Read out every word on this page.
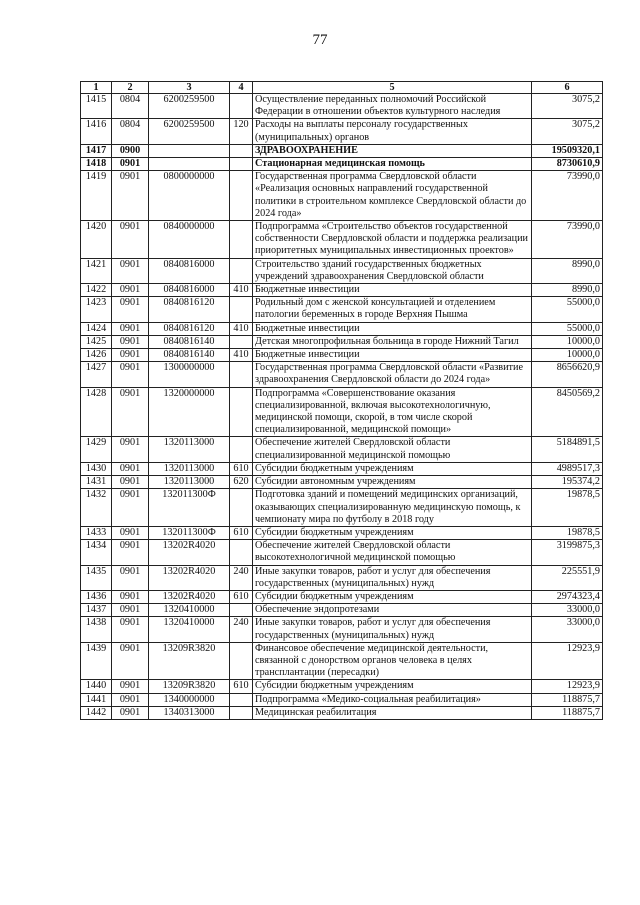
77
1	2	3	4	5	6
1415	0804	6200259500		Осуществление переданных полномочий Российской Федерации в отношении объектов культурного наследия	3075,2
1416	0804	6200259500	120	Расходы на выплаты персоналу государственных (муниципальных) органов	3075,2
1417	0900			ЗДРАВООХРАНЕНИЕ	19509320,1
1418	0901			Стационарная медицинская помощь	8730610,9
1419	0901	0800000000		Государственная программа Свердловской области «Реализация основных направлений государственной политики в строительном комплексе Свердловской области до 2024 года»	73990,0
1420	0901	0840000000		Подпрограмма «Строительство объектов государственной собственности Свердловской области и поддержка реализации приоритетных муниципальных инвестиционных проектов»	73990,0
1421	0901	0840816000		Строительство зданий государственных бюджетных учреждений здравоохранения Свердловской области	8990,0
1422	0901	0840816000	410	Бюджетные инвестиции	8990,0
1423	0901	0840816120		Родильный дом с женской консультацией и отделением патологии беременных в городе Верхняя Пышма	55000,0
1424	0901	0840816120	410	Бюджетные инвестиции	55000,0
1425	0901	0840816140		Детская многопрофильная больница в городе Нижний Тагил	10000,0
1426	0901	0840816140	410	Бюджетные инвестиции	10000,0
1427	0901	1300000000		Государственная программа Свердловской области «Развитие здравоохранения Свердловской области до 2024 года»	8656620,9
1428	0901	1320000000		Подпрограмма «Совершенствование оказания специализированной, включая высокотехнологичную, медицинской помощи, скорой, в том числе скорой специализированной, медицинской помощи»	8450569,2
1429	0901	1320113000		Обеспечение жителей Свердловской области специализированной медицинской помощью	5184891,5
1430	0901	1320113000	610	Субсидии бюджетным учреждениям	4989517,3
1431	0901	1320113000	620	Субсидии автономным учреждениям	195374,2
1432	0901	132011300Ф		Подготовка зданий и помещений медицинских организаций, оказывающих специализированную медицинскую помощь, к чемпионату мира по футболу в 2018 году	19878,5
1433	0901	132011300Ф	610	Субсидии бюджетным учреждениям	19878,5
1434	0901	13202R4020		Обеспечение жителей Свердловской области высокотехнологичной медицинской помощью	3199875,3
1435	0901	13202R4020	240	Иные закупки товаров, работ и услуг для обеспечения государственных (муниципальных) нужд	225551,9
1436	0901	13202R4020	610	Субсидии бюджетным учреждениям	2974323,4
1437	0901	1320410000		Обеспечение эндопротезами	33000,0
1438	0901	1320410000	240	Иные закупки товаров, работ и услуг для обеспечения государственных (муниципальных) нужд	33000,0
1439	0901	13209R3820		Финансовое обеспечение медицинской деятельности, связанной с донорством органов человека в целях трансплантации (пересадки)	12923,9
1440	0901	13209R3820	610	Субсидии бюджетным учреждениям	12923,9
1441	0901	1340000000		Подпрограмма «Медико-социальная реабилитация»	118875,7
1442	0901	1340313000		Медицинская реабилитация	118875,7
